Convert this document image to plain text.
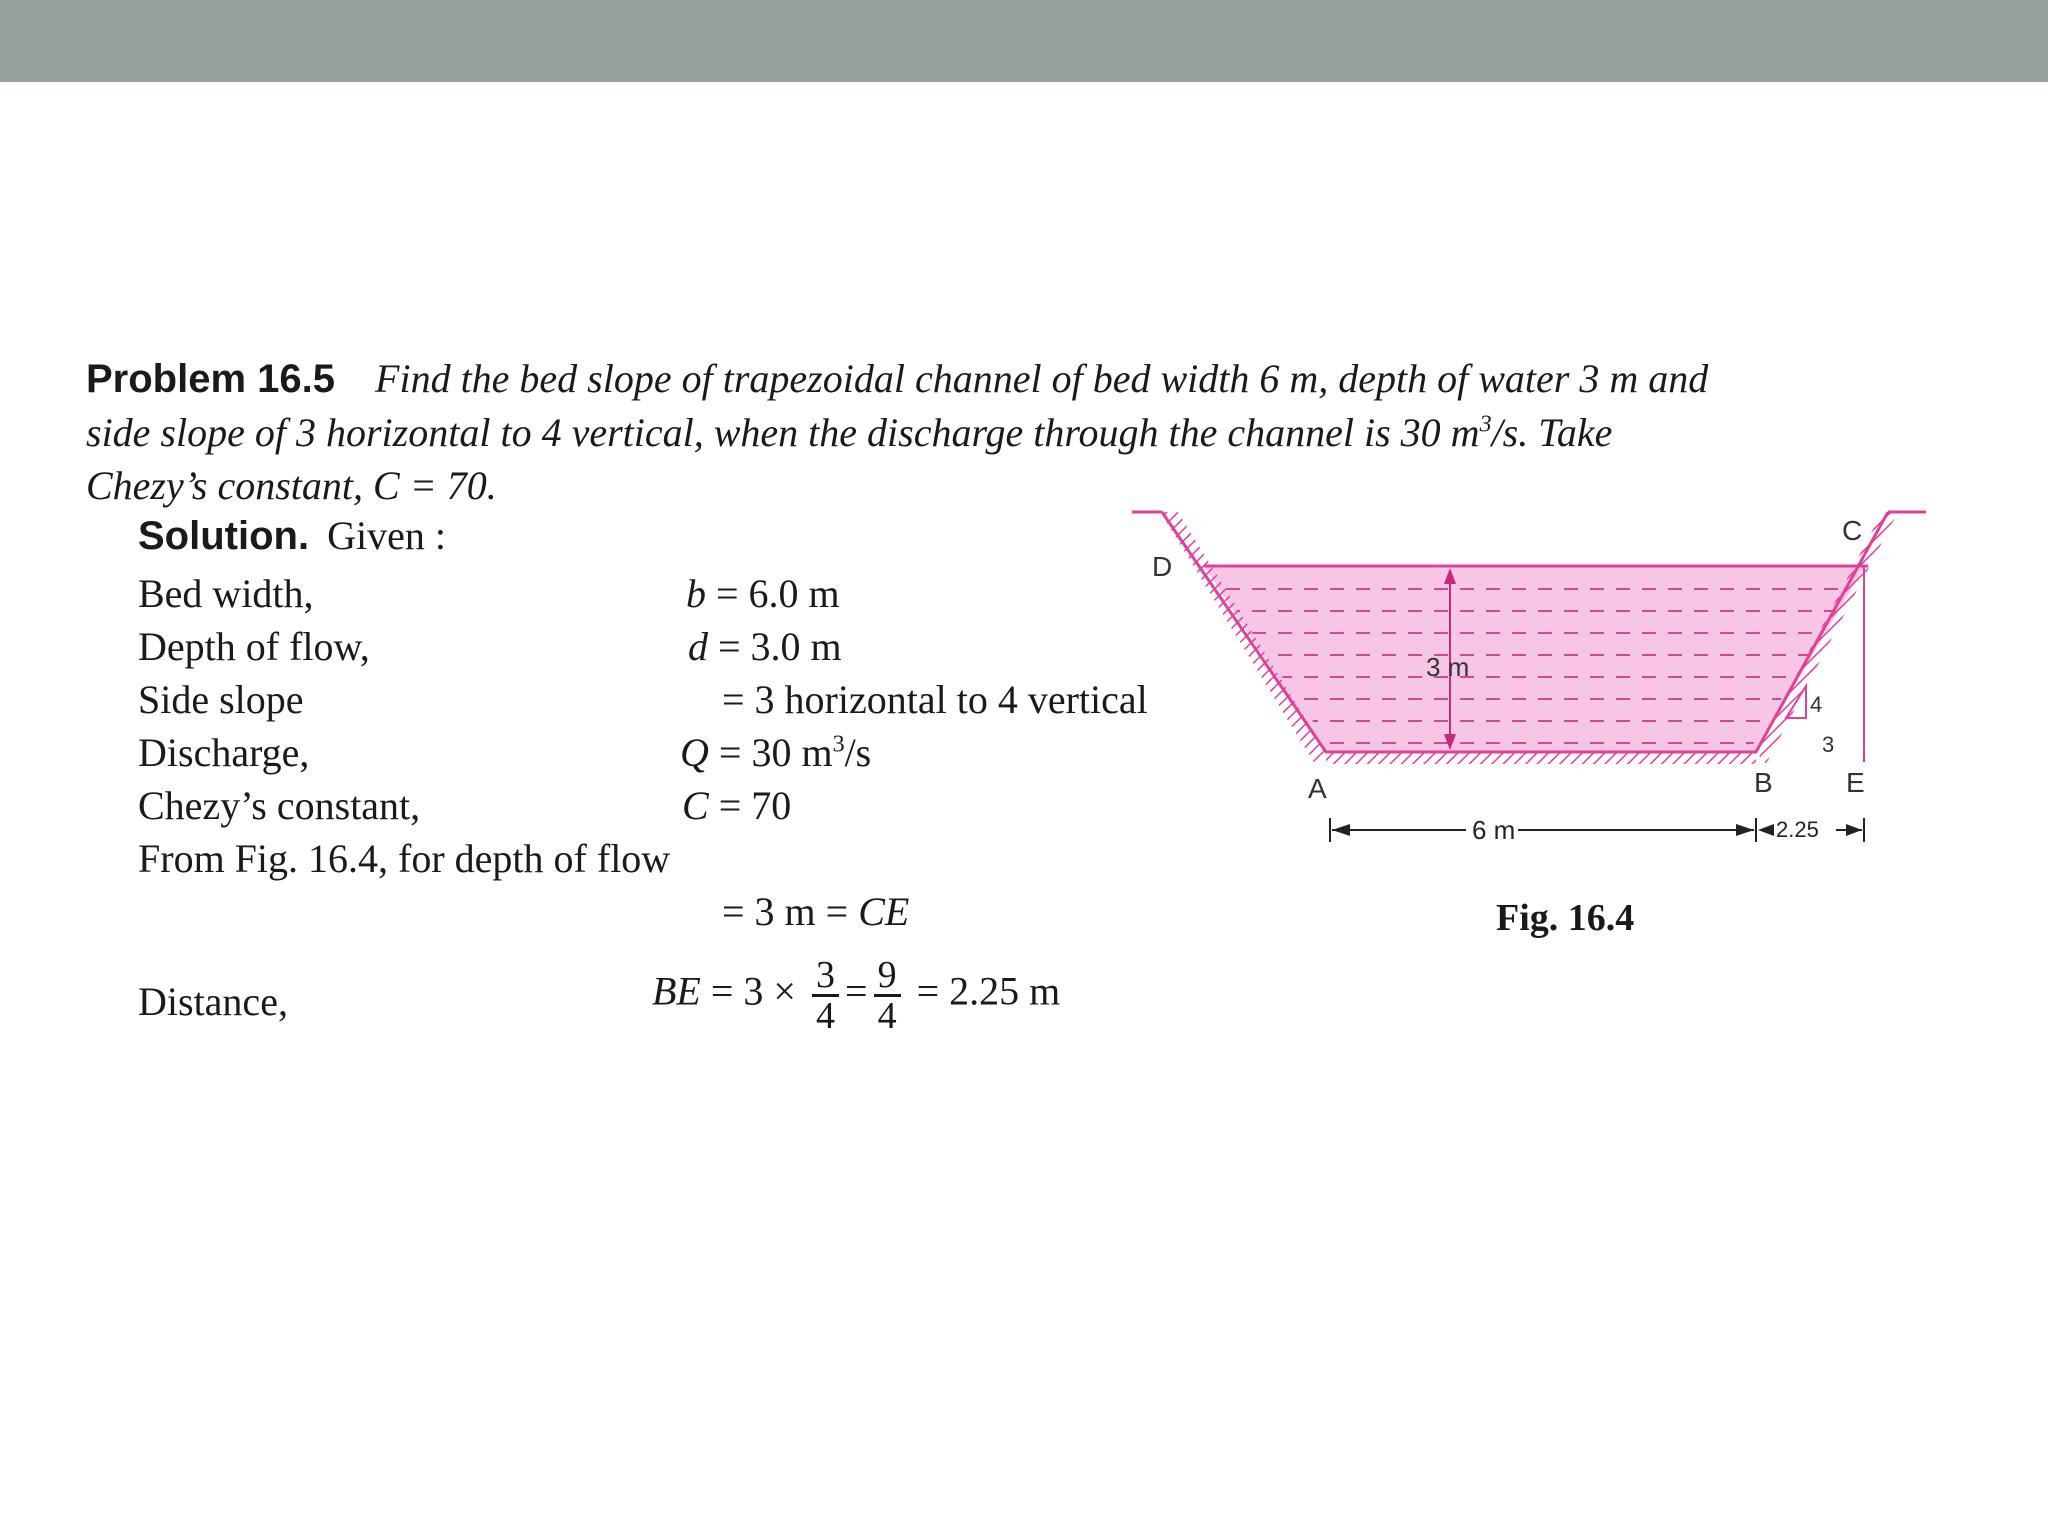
Problem 16.5 Find the bed slope of trapezoidal channel of bed width 6 m, depth of water 3 m and
side slope of 3 horizontal to 4 vertical, when the discharge through the channel is 30 $m^3/s$. Take
Chezy’s constant, C = 70.
Solution. Given :
Bed width,	b = 6.0 m
Depth of flow,	d = 3.0 m
Side slope	= 3 horizontal to 4 vertical
Discharge,	Q = 30 $m^3/s$
Chezy’s constant,	C = 70
From Fig. 16.4, for depth of flow
= 3 m = CE
Distance,	BE = $3 \times \frac{3}{4} = \frac{9}{4} = 2.25$ m
3 m
4
3
D
C
A	B	E
6 m	2.25
Fig. 16.4
